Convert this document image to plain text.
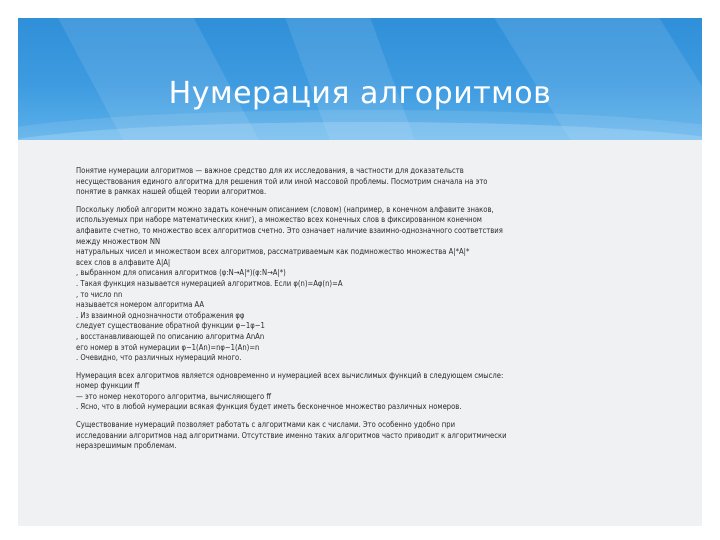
Нумерация алгоритмов
Понятие нумерации алгоритмов — важное средство для их исследования, в частности для доказательств
несуществования единого алгоритма для решения той или иной массовой проблемы. Посмотрим сначала на это
понятие в рамках нашей общей теории алгоритмов.
Поскольку любой алгоритм можно задать конечным описанием (словом) (например, в конечном алфавите знаков,
используемых при наборе математических книг), а множество всех конечных слов в фиксированном конечном
алфавите счетно, то множество всех алгоритмов счетно. Это означает наличие взаимно-однозначного соответствия
между множеством NN
натуральных чисел и множеством всех алгоритмов, рассматриваемым как подмножество множества A|*A|*
всех слов в алфавите A|A|
, выбранном для описания алгоритмов (φ:N→A|*)(φ:N→A|*)
. Такая функция называется нумерацией алгоритмов. Если φ(n)=Aφ(n)=A
, то число nn
называется номером алгоритма AA
. Из взаимной однозначности отображения φφ
следует существование обратной функции φ−1φ−1
, восстанавливающей по описанию алгоритма AnAn
его номер в этой нумерации φ−1(An)=nφ−1(An)=n
. Очевидно, что различных нумераций много.
Нумерация всех алгоритмов является одновременно и нумерацией всех вычислимых функций в следующем смысле:
номер функции ff
— это номер некоторого алгоритма, вычисляющего ff
. Ясно, что в любой нумерации всякая функция будет иметь бесконечное множество различных номеров.
Существование нумераций позволяет работать с алгоритмами как с числами. Это особенно удобно при
исследовании алгоритмов над алгоритмами. Отсутствие именно таких алгоритмов часто приводит к алгоритмически
неразрешимым проблемам.
